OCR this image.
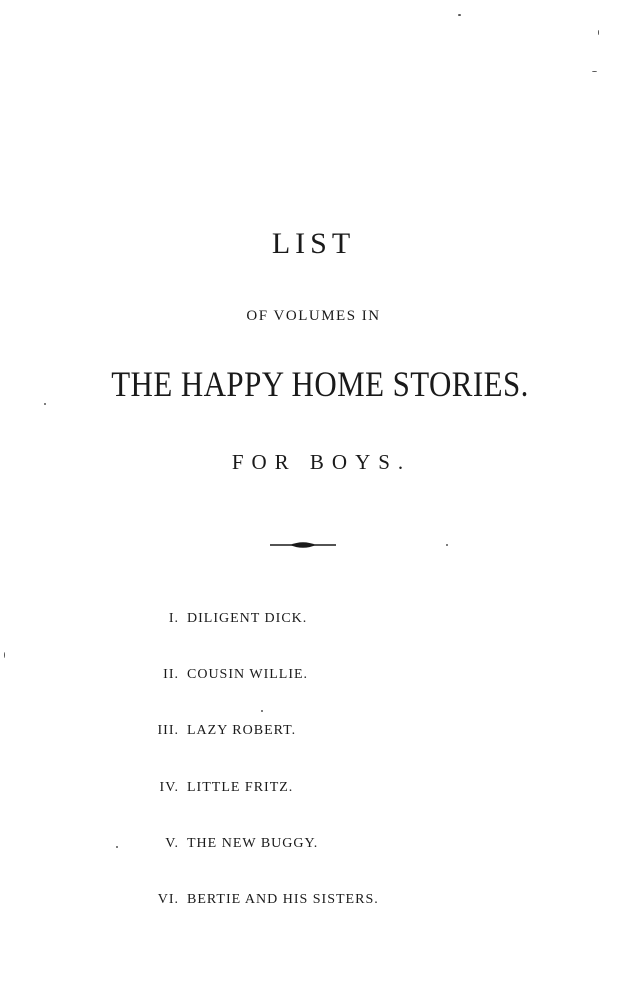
LIST
OF VOLUMES IN
THE HAPPY HOME STORIES.
FOR BOYS.
I. DILIGENT DICK.
II. COUSIN WILLIE.
III. LAZY ROBERT.
IV. LITTLE FRITZ.
V. THE NEW BUGGY.
VI. BERTIE AND HIS SISTERS.
